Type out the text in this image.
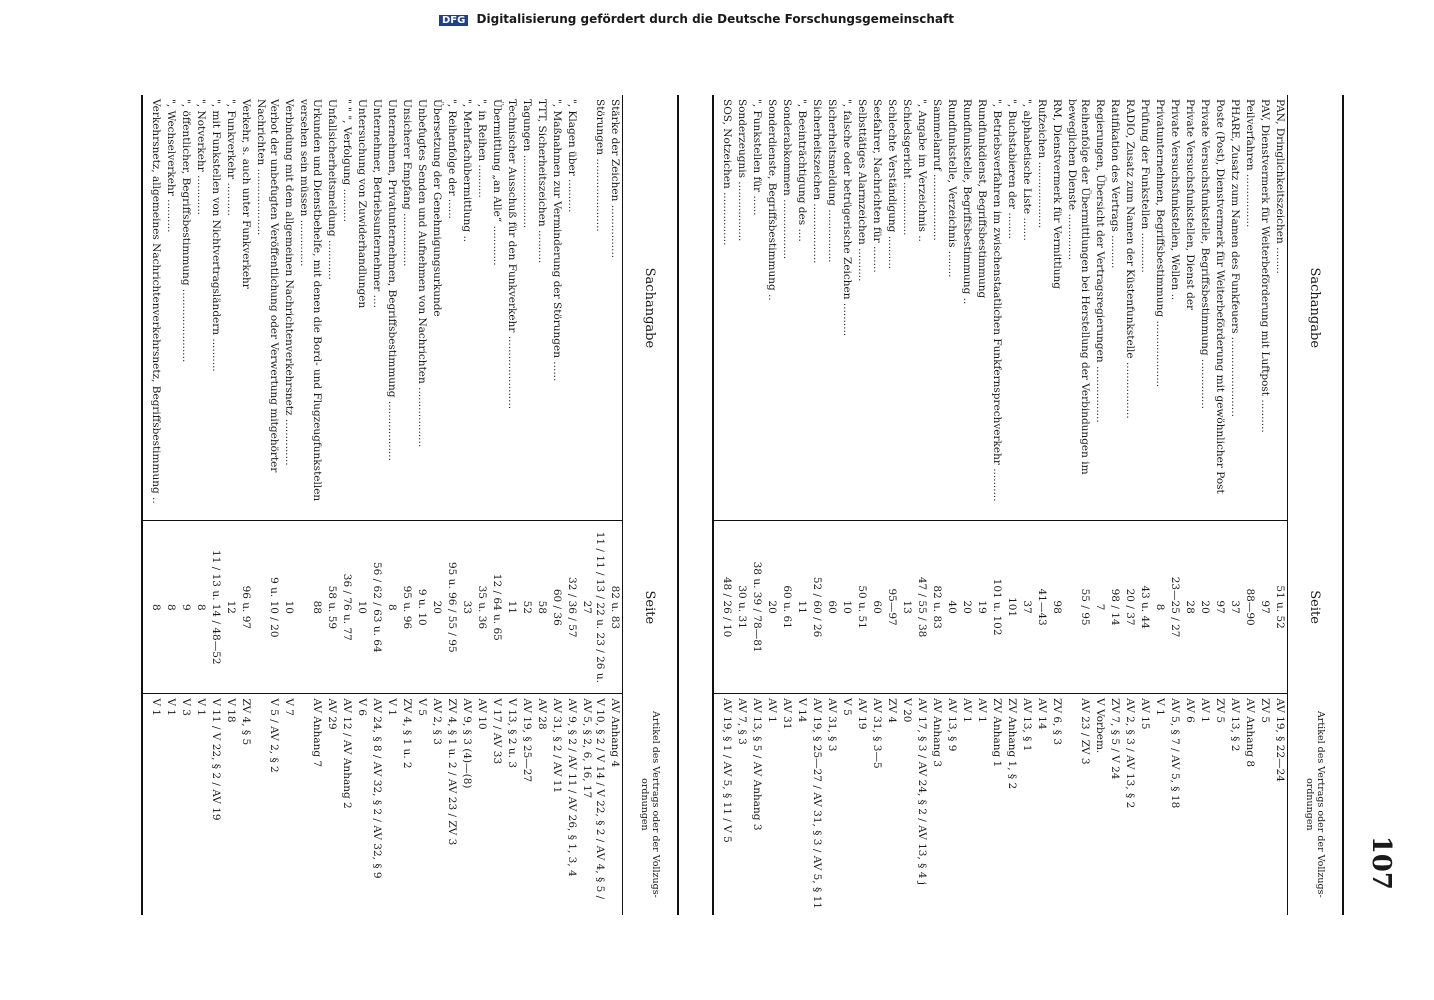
DFG Digitalisierung gefördert durch die Deutsche Forschungsgemeinschaft
107
Sachangabe	Seite	Artikel des Vertrags oder der Vollzugs-ordnungen
PAN, Dringlichkeitszeichen ........	51 u. 52	AV 19, § 22—24
PAV, Dienstvermerk für Weiterbeförderung mit Luftpost ..........	97	ZV 5
Peilverfahren ................	88—90	AV Anhang 8
PHARE, Zusatz zum Namen des Funkfeuers ........................	37	AV 13, § 2
Poste (Post), Dienstvermerk für Weiterbeförderung mit gewöhnlicher Post	97	ZV 5
Private Versuchsfunkstelle, Begriffsbestimmung ...............	20	AV 1
Private Versuchsfunkstellen, Dienst der	28	AV 6
Private Versuchsfunkstellen, Wellen ..	23—25 / 27	AV 5, § 7 / AV 5, § 18
Privatunternehmen, Begriffsbestimmung ....................	8	V 1
Prüfung der Funkstellen ............	43 u. 44	AV 15
RADIO, Zusatz zum Namen der Küstenfunkstelle .................	20 / 37	AV 2, § 3 / AV 13, § 2
Ratifikation des Vertrags ..........	98 / 14	ZV 7, § 5 / V 24
Regierungen, Übersicht der Vertragsregierungen .................	7	V Vorbem.
Reihenfolge der Übermittlungen bei Herstellung der Verbindungen im beweglichen Dienste ..............	55 / 95	AV 23 / ZV 3
RM, Dienstvermerk für Vermittlung	98	ZV 6, § 3
Rufzeichen ....................	41—43	AV 14
", alphabetische Liste .......	37	AV 13, § 1
", Buchstabieren der ........	101	ZV Anhang 1, § 2
", Betriebsverfahren im zwischenstaatlichen Funkfernsprechverkehr ..........	101 u. 102	ZV Anhang 1
Rundfunkdienst, Begriffsbestimmung	19	AV 1
Rundfunkstelle, Begriffsbestimmung ..	20	AV 1
Rundfunkstelle, Verzeichnis ........	40	AV 13, § 9
Sammelanruf ....................	82 u. 83	AV Anhang 3
", Angabe im Verzeichnis ..	47 / 55 / 38	AV 17, § 3 / AV 24, § 2 / AV 13, § 4 j
Schiedsgericht ................	13	V 20
Schlechte Verständigung ..........	95—97	ZV 4
Seefahrer, Nachrichten für ........	60	AV 31, § 3—5
Selbsttätiges Alarmzeichen ..........	50 u. 51	AV 19
", falsche oder betrügerische Zeichen ..........	10	V 5
Sicherheitsmeldung ................	60	AV 31, § 3
Sicherheitszeichen ..................	52 / 60 / 26	AV 19, § 25—27 / AV 31, § 3 / AV 5, § 11
", Beeinträchtigung des ....	11	V 14
Sonderabkommen ..................	60 u. 61	AV 31
Sonderdienste, Begriffsbestimmung ..	20	AV 1
", Funkstellen für ......	38 u. 39 / 78—81	AV 13, § 5 / AV Anhang 3
Sonderzeugnis ..................	30 u. 31	AV 7, § 3
SOS, Notzeichen ................	48 / 26 / 10	AV 19, § 1 / AV 5, § 11 / V 5
Sachangabe	Seite	Artikel des Vertrags oder der Vollzugs-ordnungen
Stärke der Zeichen ................	82 u. 83	AV Anhang 4
Störungen ......................	11 / 11 / 13 / 22 u. 23 / 26 u. 27	V 10, § 2 / V 14 / V 22, § 2 / AV 4, § 5 / AV 5, § 2, 6, 16, 17
", Klagen über ..........	32 / 36 / 57	AV 9, § 2 / AV 11 / AV 26, § 1, 3, 4
", Maßnahmen zur Verminderung der Störungen ......	60 / 36	AV 31, § 2 / AV 11
TTT, Sicherheitszeichen ..........	58	AV 28
Tagungen ......................	52	AV 19, § 25—27
Technischer Ausschuß für den Funkverkehr ......................	11	V 13, § 2 u. 3
Übermittlung „an Alle“ ............	12 / 64 u. 65	V 17 / AV 33
", in Reihen ..........	35 u. 36	AV 10
", Mehrfachübermittlung ..	33	AV 9, § 3 (4)—(8)
", Reihenfolge der ......	95 u. 96 / 55 / 95	ZV 4, § 1 u. 2 / AV 23 / ZV 3
Übersetzung der Genehmigungsurkunde	20	AV 2, § 3
Unbefugtes Senden und Aufnehmen von Nachrichten ..................	9 u. 10	V 5
Unsicherer Empfang ................	95 u. 96	ZV 4, § 1 u. 2
Unternehmen, Privatunternehmen, Begriffsbestimmung ..................	8	V 1
Unternehmer, Betriebsunternehmer ....	56 / 62 / 63 u. 64	AV 24, § 8 / AV 32, § 2 / AV 32, § 9
Untersuchung von Zuwiderhandlungen	10	V 6
" " ", Verfolgung ..........	36 / 76 u. 77	AV 12 / AV Anhang 2
Unfallsicherheitsmeldung ............	58 u. 59	AV 29
Urkunden und Dienstbehelfe, mit denen die Bord- und Flugzeugfunkstellen versehen sein müssen ..............	88	AV Anhang 7
Verbindung mit dem allgemeinen Nachrichtenverkehrsnetz ..............	10	V 7
Verbot der unbefugten Veröffentlichung oder Verwertung mitgehörter Nachrichten ....................	9 u. 10 / 20	V 5 / AV 2, § 2
Verkehr, s. auch unter Funkverkehr	96 u. 97	ZV 4, § 5
", Funkverkehr ..........	12	V 18
", mit Funkstellen von Nichtvertragsländern ..........	11 / 13 u. 14 / 48—52	V 11 / V 22, § 2 / AV 19
", Notverkehr ............	8	V 1
", öffentlicher, Begriffsbestimmung ......................	9	V 3
", Wechselverkehr ..........	8	V 1
Verkehrsnetz, allgemeines Nachrichtenverkehrsnetz, Begriffsbestimmung ..	8	V 1
